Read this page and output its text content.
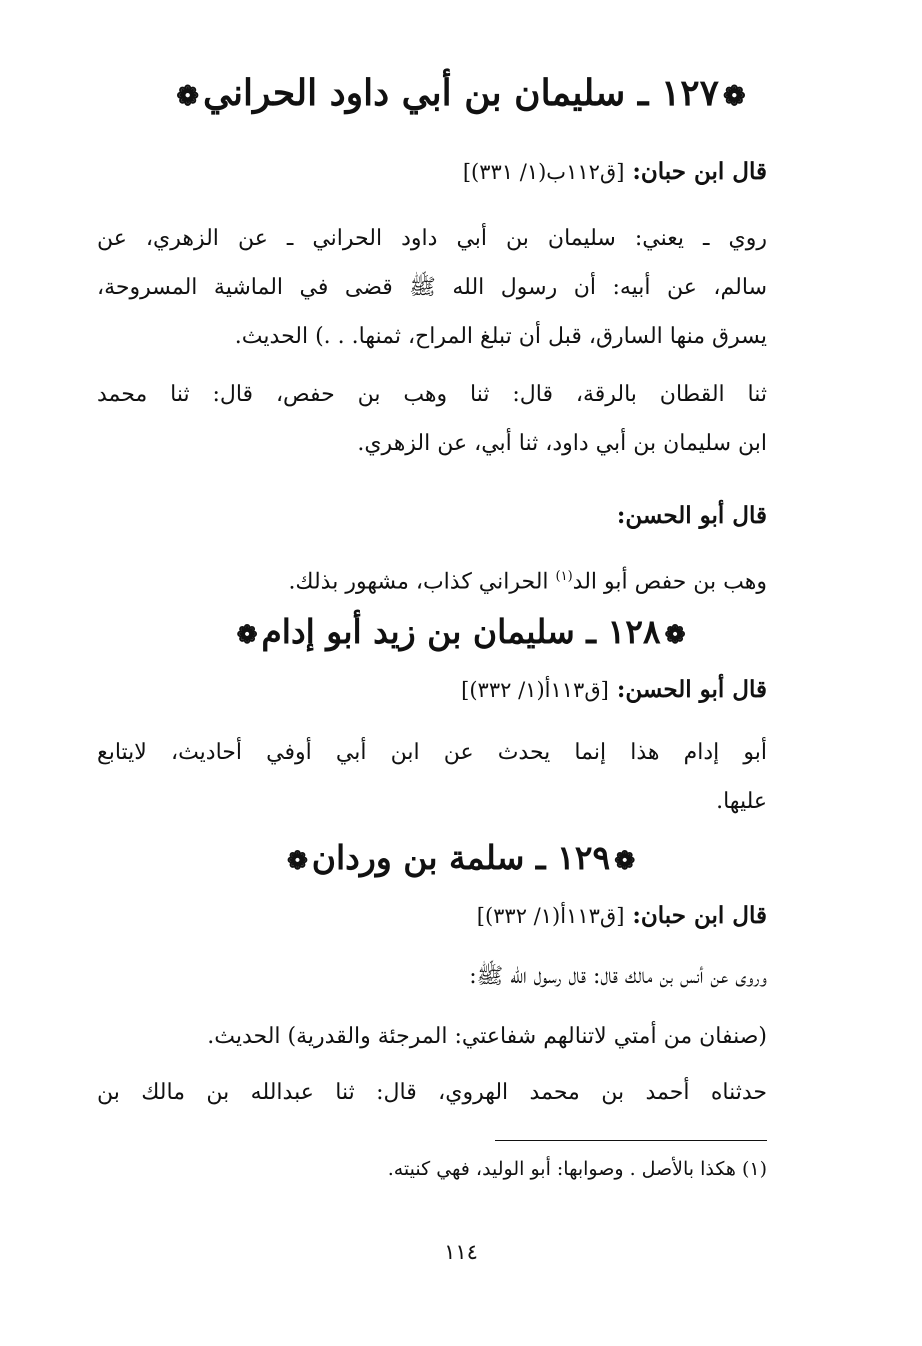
❁١٢٧ ـ سليمان بن أبي داود الحراني❁
قال ابن حبان: [ق١١٢ب(١/ ٣٣١)]
روي ـ يعني: سليمان بن أبي داود الحراني ـ عن الزهري، عن
سالم، عن أبيه: أن رسول الله ﷺ قضى في الماشية المسروحة،
يسرق منها السارق، قبل أن تبلغ المراح، ثمنها. . .) الحديث.
ثنا القطان بالرقة، قال: ثنا وهب بن حفص، قال: ثنا محمد
ابن سليمان بن أبي داود، ثنا أبي، عن الزهري.
قال أبو الحسن:
وهب بن حفص أبو الد$^{(١)}$ الحراني كذاب، مشهور بذلك.
❁١٢٨ ـ سليمان بن زيد أبو إدام❁
قال أبو الحسن: [ق١١٣أ(١/ ٣٣٢)]
أبو إدام هذا إنما يحدث عن ابن أبي أوفي أحاديث، لايتابع
عليها.
❁١٢٩ ـ سلمة بن وردان❁
قال ابن حبان: [ق١١٣أ(١/ ٣٣٢)]
وروى عن أنس بن مالك قال: قال رسول الله ﷺ:
(صنفان من أمتي لاتنالهم شفاعتي: المرجئة والقدرية) الحديث.
حدثناه أحمد بن محمد الهروي، قال: ثنا عبدالله بن مالك بن
(١) هكذا بالأصل . وصوابها: أبو الوليد، فهي كنيته.
١١٤
